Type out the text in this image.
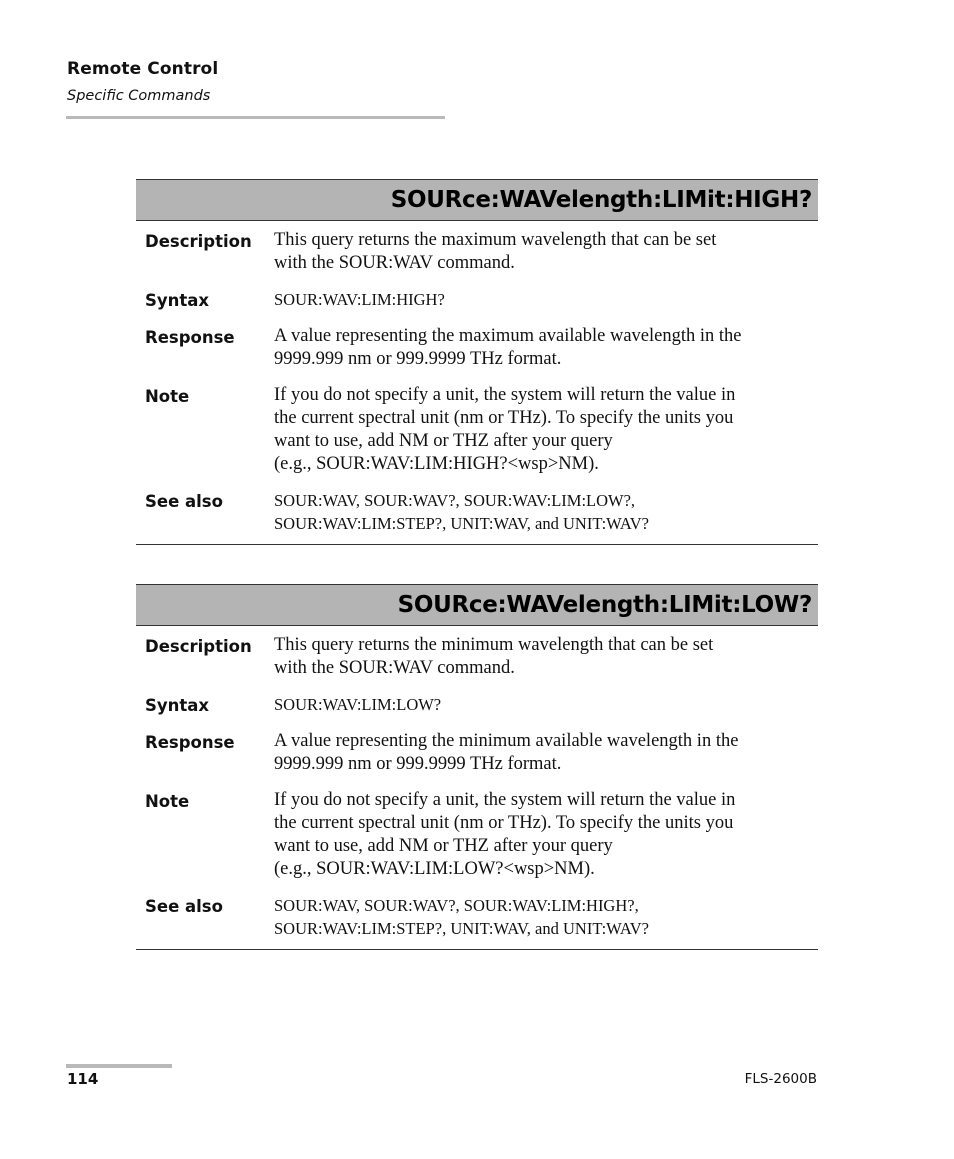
Remote Control
Specific Commands
SOURce:WAVelength:LIMit:HIGH?
Description	This query returns the maximum wavelength that can be set
with the SOUR:WAV command.
Syntax	SOUR:WAV:LIM:HIGH?
Response	A value representing the maximum available wavelength in the
9999.999 nm or 999.9999 THz format.
Note	If you do not specify a unit, the system will return the value in
the current spectral unit (nm or THz). To specify the units you
want to use, add NM or THZ after your query
(e.g., SOUR:WAV:LIM:HIGH?<wsp>NM).
See also	SOUR:WAV, SOUR:WAV?, SOUR:WAV:LIM:LOW?,
SOUR:WAV:LIM:STEP?, UNIT:WAV, and UNIT:WAV?
SOURce:WAVelength:LIMit:LOW?
Description	This query returns the minimum wavelength that can be set
with the SOUR:WAV command.
Syntax	SOUR:WAV:LIM:LOW?
Response	A value representing the minimum available wavelength in the
9999.999 nm or 999.9999 THz format.
Note	If you do not specify a unit, the system will return the value in
the current spectral unit (nm or THz). To specify the units you
want to use, add NM or THZ after your query
(e.g., SOUR:WAV:LIM:LOW?<wsp>NM).
See also	SOUR:WAV, SOUR:WAV?, SOUR:WAV:LIM:HIGH?,
SOUR:WAV:LIM:STEP?, UNIT:WAV, and UNIT:WAV?
114	FLS-2600B
